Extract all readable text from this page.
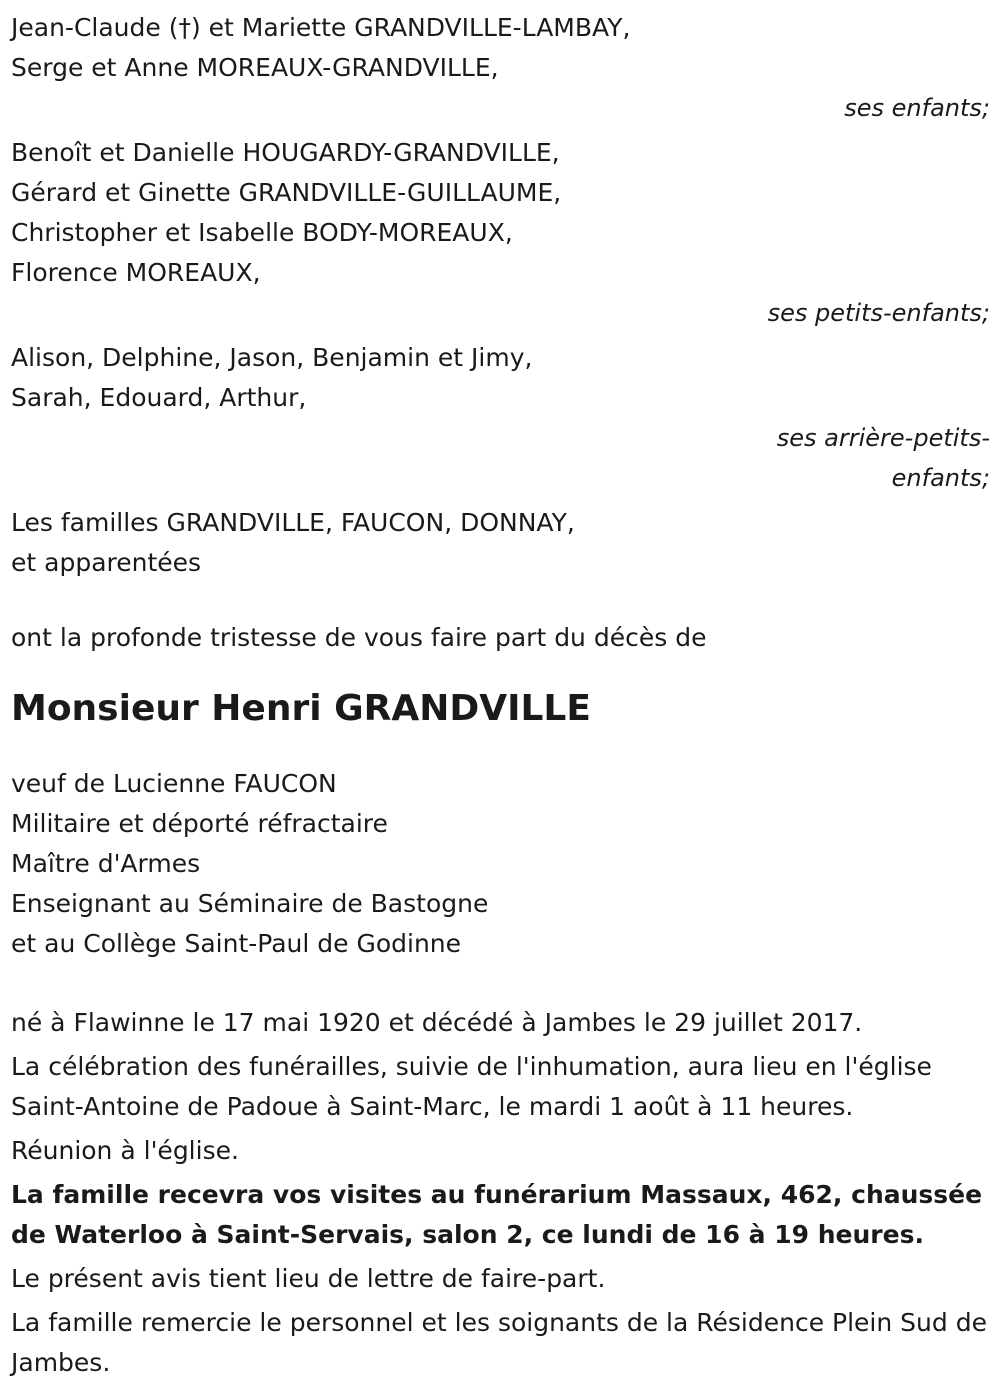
Jean-Claude (†) et Mariette GRANDVILLE-LAMBAY,
Serge et Anne MOREAUX-GRANDVILLE,
ses enfants;
Benoît et Danielle HOUGARDY-GRANDVILLE,
Gérard et Ginette GRANDVILLE-GUILLAUME,
Christopher et Isabelle BODY-MOREAUX,
Florence MOREAUX,
ses petits-enfants;
Alison, Delphine, Jason, Benjamin et Jimy,
Sarah, Edouard, Arthur,
ses arrière-petits-
enfants;
Les familles GRANDVILLE, FAUCON, DONNAY,
et apparentées
ont la profonde tristesse de vous faire part du décès de
Monsieur Henri GRANDVILLE
veuf de Lucienne FAUCON
Militaire et déporté réfractaire
Maître d'Armes
Enseignant au Séminaire de Bastogne
et au Collège Saint-Paul de Godinne
né à Flawinne le 17 mai 1920 et décédé à Jambes le 29 juillet 2017.
La célébration des funérailles, suivie de l'inhumation, aura lieu en l'église Saint-Antoine de Padoue à Saint-Marc, le mardi 1 août à 11 heures.
Réunion à l'église.
La famille recevra vos visites au funérarium Massaux, 462, chaussée de Waterloo à Saint-Servais, salon 2, ce lundi de 16 à 19 heures.
Le présent avis tient lieu de lettre de faire-part.
La famille remercie le personnel et les soignants de la Résidence Plein Sud de Jambes.
